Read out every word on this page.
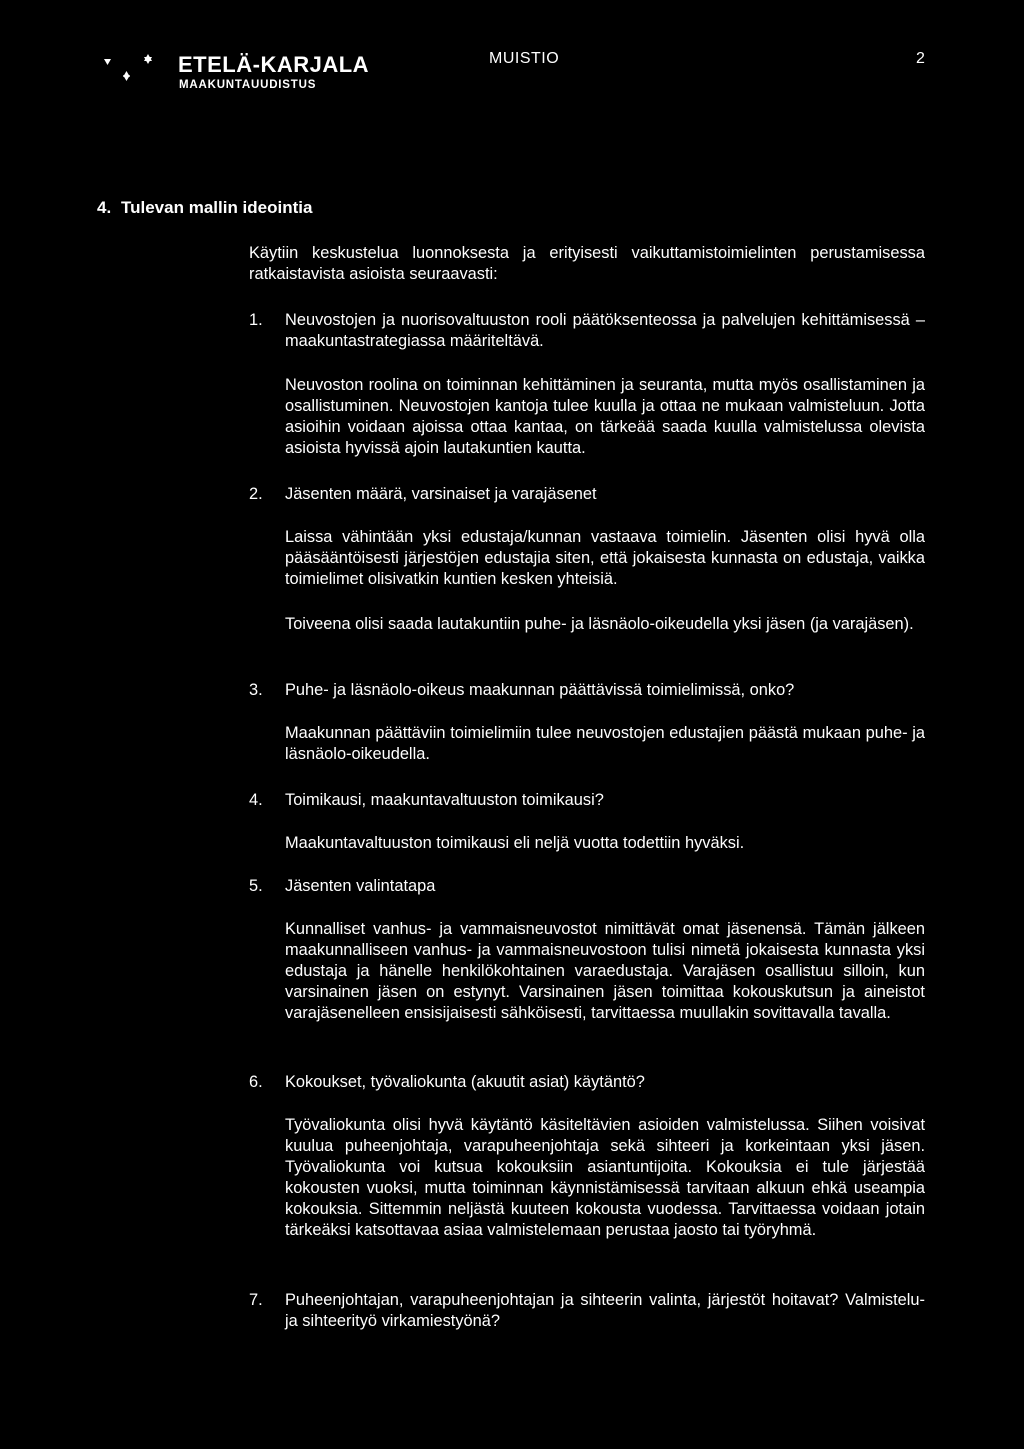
ETELÄ-KARJALA
MAAKUNTAUUDISTUS
MUISTIO	2
4. Tulevan mallin ideointia

Käytiin keskustelua luonnoksesta ja erityisesti vaikuttamistoimielinten perustamisessa ratkaistavista asioista seuraavasti:

1. Neuvostojen ja nuorisovaltuuston rooli päätöksenteossa ja palvelujen kehittämisessä – maakuntastrategiassa määriteltävä.

Neuvoston roolina on toiminnan kehittäminen ja seuranta, mutta myös osallistaminen ja osallistuminen. Neuvostojen kantoja tulee kuulla ja ottaa ne mukaan valmisteluun. Jotta asioihin voidaan ajoissa ottaa kantaa, on tärkeää saada kuulla valmistelussa olevista asioista hyvissä ajoin lautakuntien kautta.

2. Jäsenten määrä, varsinaiset ja varajäsenet

Laissa vähintään yksi edustaja/kunnan vastaava toimielin. Jäsenten olisi hyvä olla pääsääntöisesti järjestöjen edustajia siten, että jokaisesta kunnasta on edustaja, vaikka toimielimet olisivatkin kuntien kesken yhteisiä.

Toiveena olisi saada lautakuntiin puhe- ja läsnäolo-oikeudella yksi jäsen (ja varajäsen).

3. Puhe- ja läsnäolo-oikeus maakunnan päättävissä toimielimissä, onko?

Maakunnan päättäviin toimielimiin tulee neuvostojen edustajien päästä mukaan puhe- ja läsnäolo-oikeudella.

4. Toimikausi, maakuntavaltuuston toimikausi?

Maakuntavaltuuston toimikausi eli neljä vuotta todettiin hyväksi.

5. Jäsenten valintatapa

Kunnalliset vanhus- ja vammaisneuvostot nimittävät omat jäsenensä. Tämän jälkeen maakunnalliseen vanhus- ja vammaisneuvostoon tulisi nimetä jokaisesta kunnasta yksi edustaja ja hänelle henkilökohtainen varaedustaja. Varajäsen osallistuu silloin, kun varsinainen jäsen on estynyt. Varsinainen jäsen toimittaa kokouskutsun ja aineistot varajäsenelleen ensisijaisesti sähköisesti, tarvittaessa muullakin sovittavalla tavalla.

6. Kokoukset, työvaliokunta (akuutit asiat) käytäntö?

Työvaliokunta olisi hyvä käytäntö käsiteltävien asioiden valmistelussa. Siihen voisivat kuulua puheenjohtaja, varapuheenjohtaja sekä sihteeri ja korkeintaan yksi jäsen. Työvaliokunta voi kutsua kokouksiin asiantuntijoita. Kokouksia ei tule järjestää kokousten vuoksi, mutta toiminnan käynnistämisessä tarvitaan alkuun ehkä useampia kokouksia. Sittemmin neljästä kuuteen kokousta vuodessa. Tarvittaessa voidaan jotain tärkeäksi katsottavaa asiaa valmistelemaan perustaa jaosto tai työryhmä.

7. Puheenjohtajan, varapuheenjohtajan ja sihteerin valinta, järjestöt hoitavat? Valmistelu- ja sihteerityö virkamiestyönä?
